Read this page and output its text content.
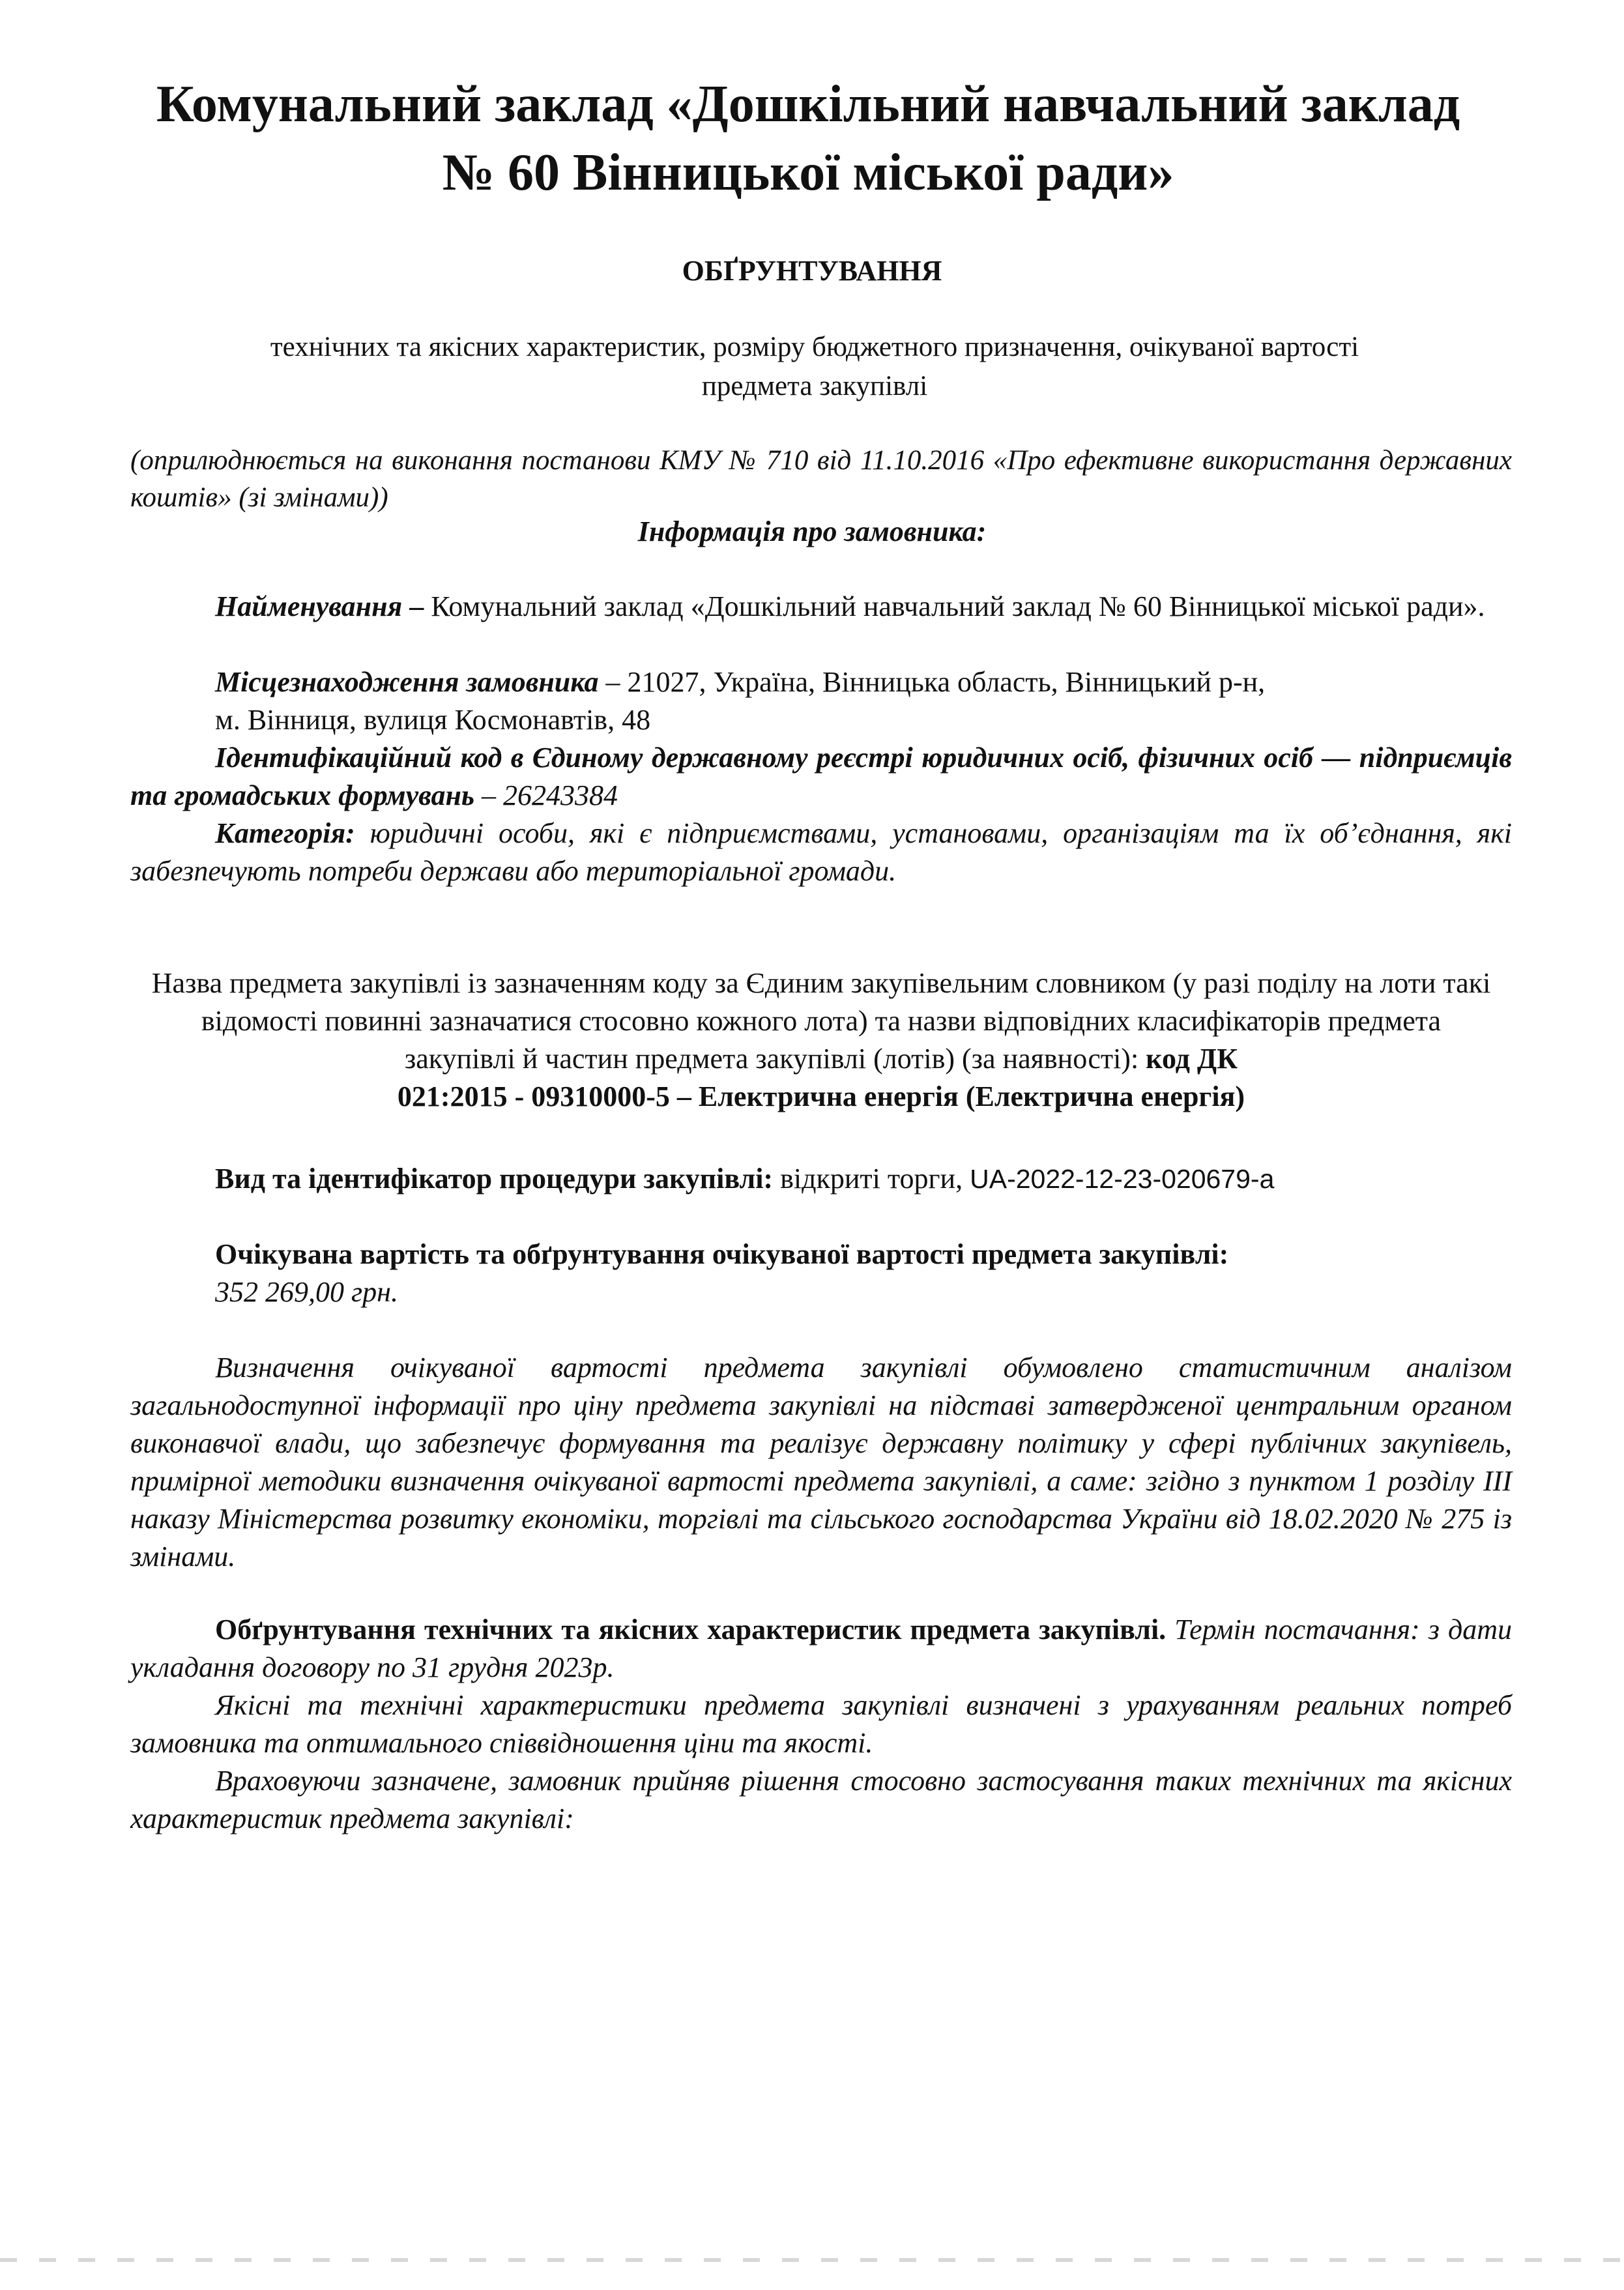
Комунальний заклад «Дошкільний навчальний заклад
№ 60 Вінницької міської ради»
ОБҐРУНТУВАННЯ

технічних та якісних характеристик, розміру бюджетного призначення, очікуваної вартості
предмета закупівлі

(оприлюднюється на виконання постанови КМУ № 710 від 11.10.2016 «Про ефективне використання державних коштів» (зі змінами))

Інформація про замовника:

Найменування – Комунальний заклад «Дошкільний навчальний заклад № 60 Вінницької міської ради».

Місцезнаходження замовника – 21027, Україна, Вінницька область, Вінницький р-н,
м. Вінниця, вулиця Космонавтів, 48

Ідентифікаційний код в Єдиному державному реєстрі юридичних осіб, фізичних осіб — підприємців та громадських формувань – 26243384

Категорія: юридичні особи, які є підприємствами, установами, організаціям та їх об’єднання, які забезпечують потреби держави або територіальної громади.

Назва предмета закупівлі із зазначенням коду за Єдиним закупівельним словником (у разі поділу на лоти такі відомості повинні зазначатися стосовно кожного лота) та назви відповідних класифікаторів предмета закупівлі й частин предмета закупівлі (лотів) (за наявності): код ДК
021:2015 - 09310000-5 – Електрична енергія (Електрична енергія)

Вид та ідентифікатор процедури закупівлі: відкриті торги, UA-2022-12-23-020679-a

Очікувана вартість та обґрунтування очікуваної вартості предмета закупівлі:
352 269,00 грн.

Визначення очікуваної вартості предмета закупівлі обумовлено статистичним аналізом загальнодоступної інформації про ціну предмета закупівлі на підставі затвердженої центральним органом виконавчої влади, що забезпечує формування та реалізує державну політику у сфері публічних закупівель, примірної методики визначення очікуваної вартості предмета закупівлі, а саме: згідно з пунктом 1 розділу ІІІ наказу Міністерства розвитку економіки, торгівлі та сільського господарства України від 18.02.2020 № 275 із змінами.

Обґрунтування технічних та якісних характеристик предмета закупівлі. Термін постачання: з дати укладання договору по 31 грудня 2023р.

Якісні та технічні характеристики предмета закупівлі визначені з урахуванням реальних потреб замовника та оптимального співвідношення ціни та якості.

Враховуючи зазначене, замовник прийняв рішення стосовно застосування таких технічних та якісних характеристик предмета закупівлі:
